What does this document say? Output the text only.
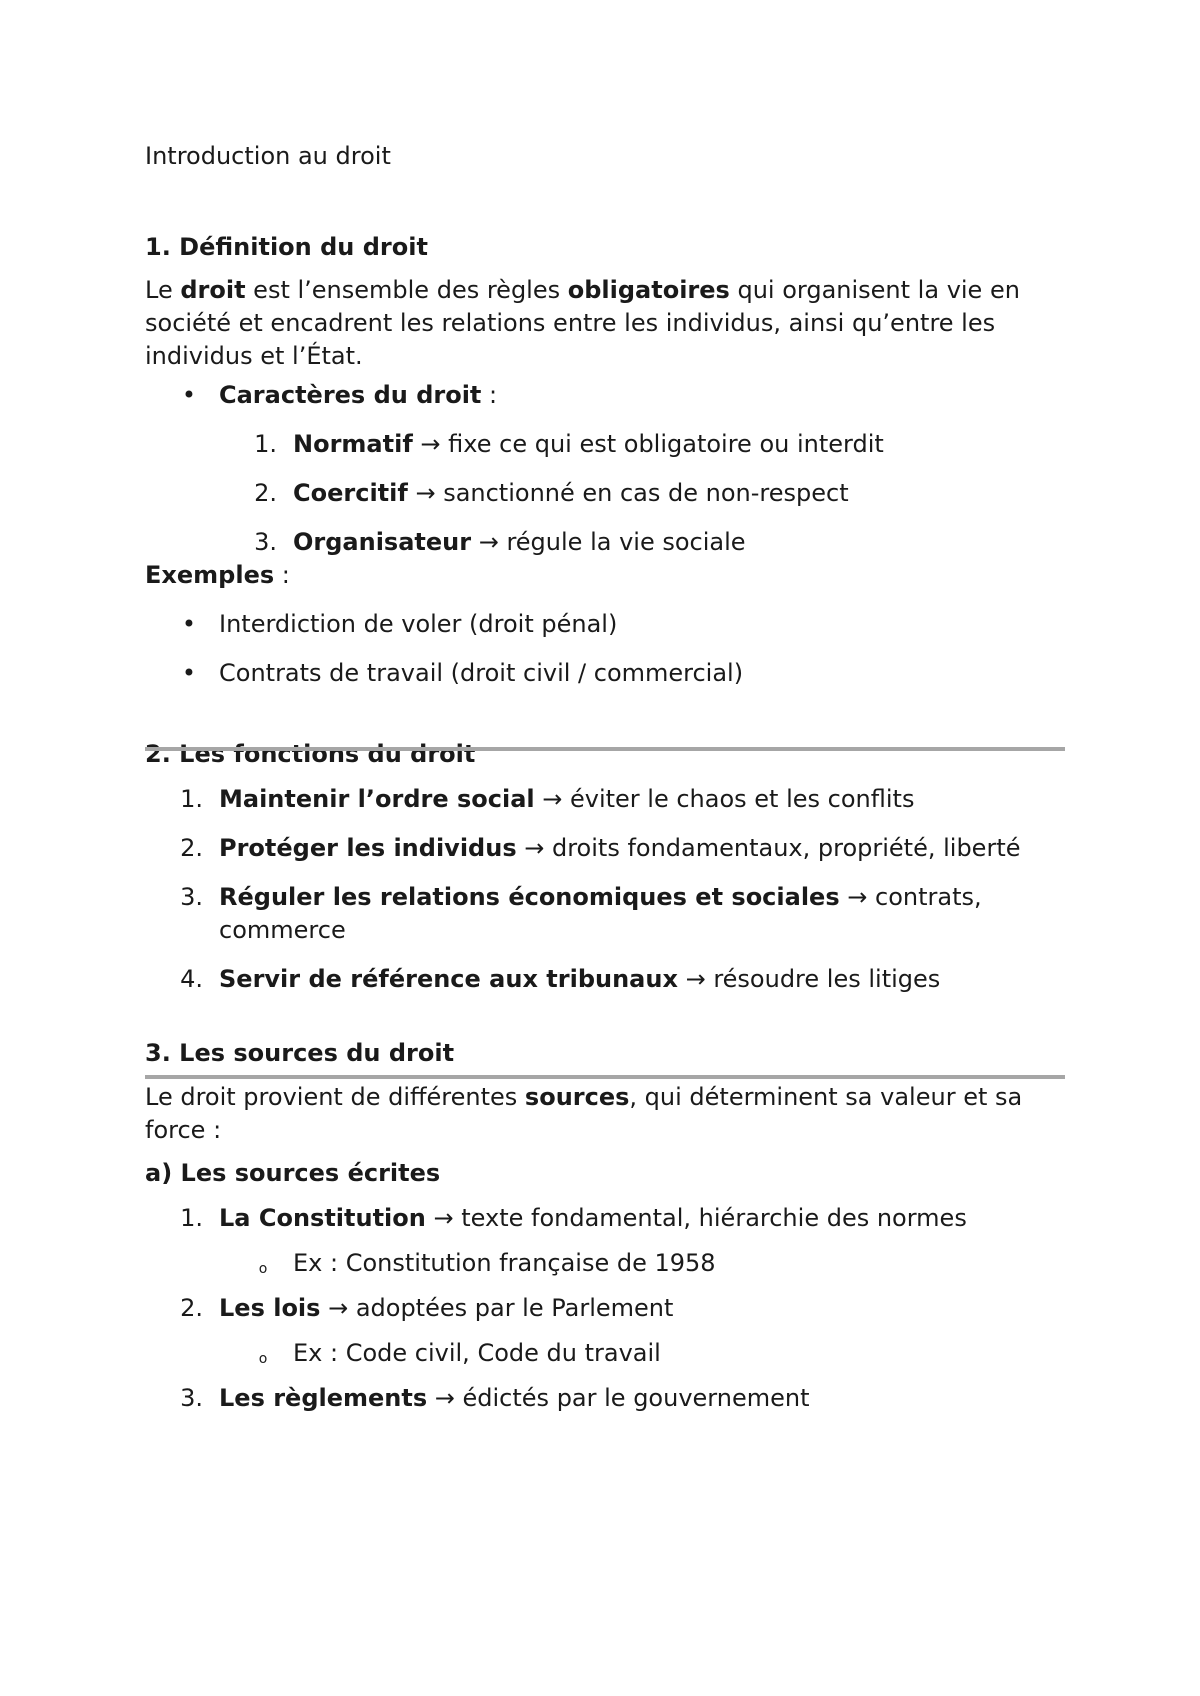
Introduction au droit

1. Définition du droit

Le droit est l’ensemble des règles obligatoires qui organisent la vie en société et encadrent les relations entre les individus, ainsi qu’entre les individus et l’État.

• Caractères du droit :
1. Normatif → fixe ce qui est obligatoire ou interdit
2. Coercitif → sanctionné en cas de non-respect
3. Organisateur → régule la vie sociale

Exemples :

• Interdiction de voler (droit pénal)
• Contrats de travail (droit civil / commercial)

2. Les fonctions du droit

1. Maintenir l’ordre social → éviter le chaos et les conflits
2. Protéger les individus → droits fondamentaux, propriété, liberté
3. Réguler les relations économiques et sociales → contrats, commerce
4. Servir de référence aux tribunaux → résoudre les litiges

3. Les sources du droit

Le droit provient de différentes sources, qui déterminent sa valeur et sa force :

a) Les sources écrites

1. La Constitution → texte fondamental, hiérarchie des normes
o Ex : Constitution française de 1958
2. Les lois → adoptées par le Parlement
o Ex : Code civil, Code du travail
3. Les règlements → édictés par le gouvernement
